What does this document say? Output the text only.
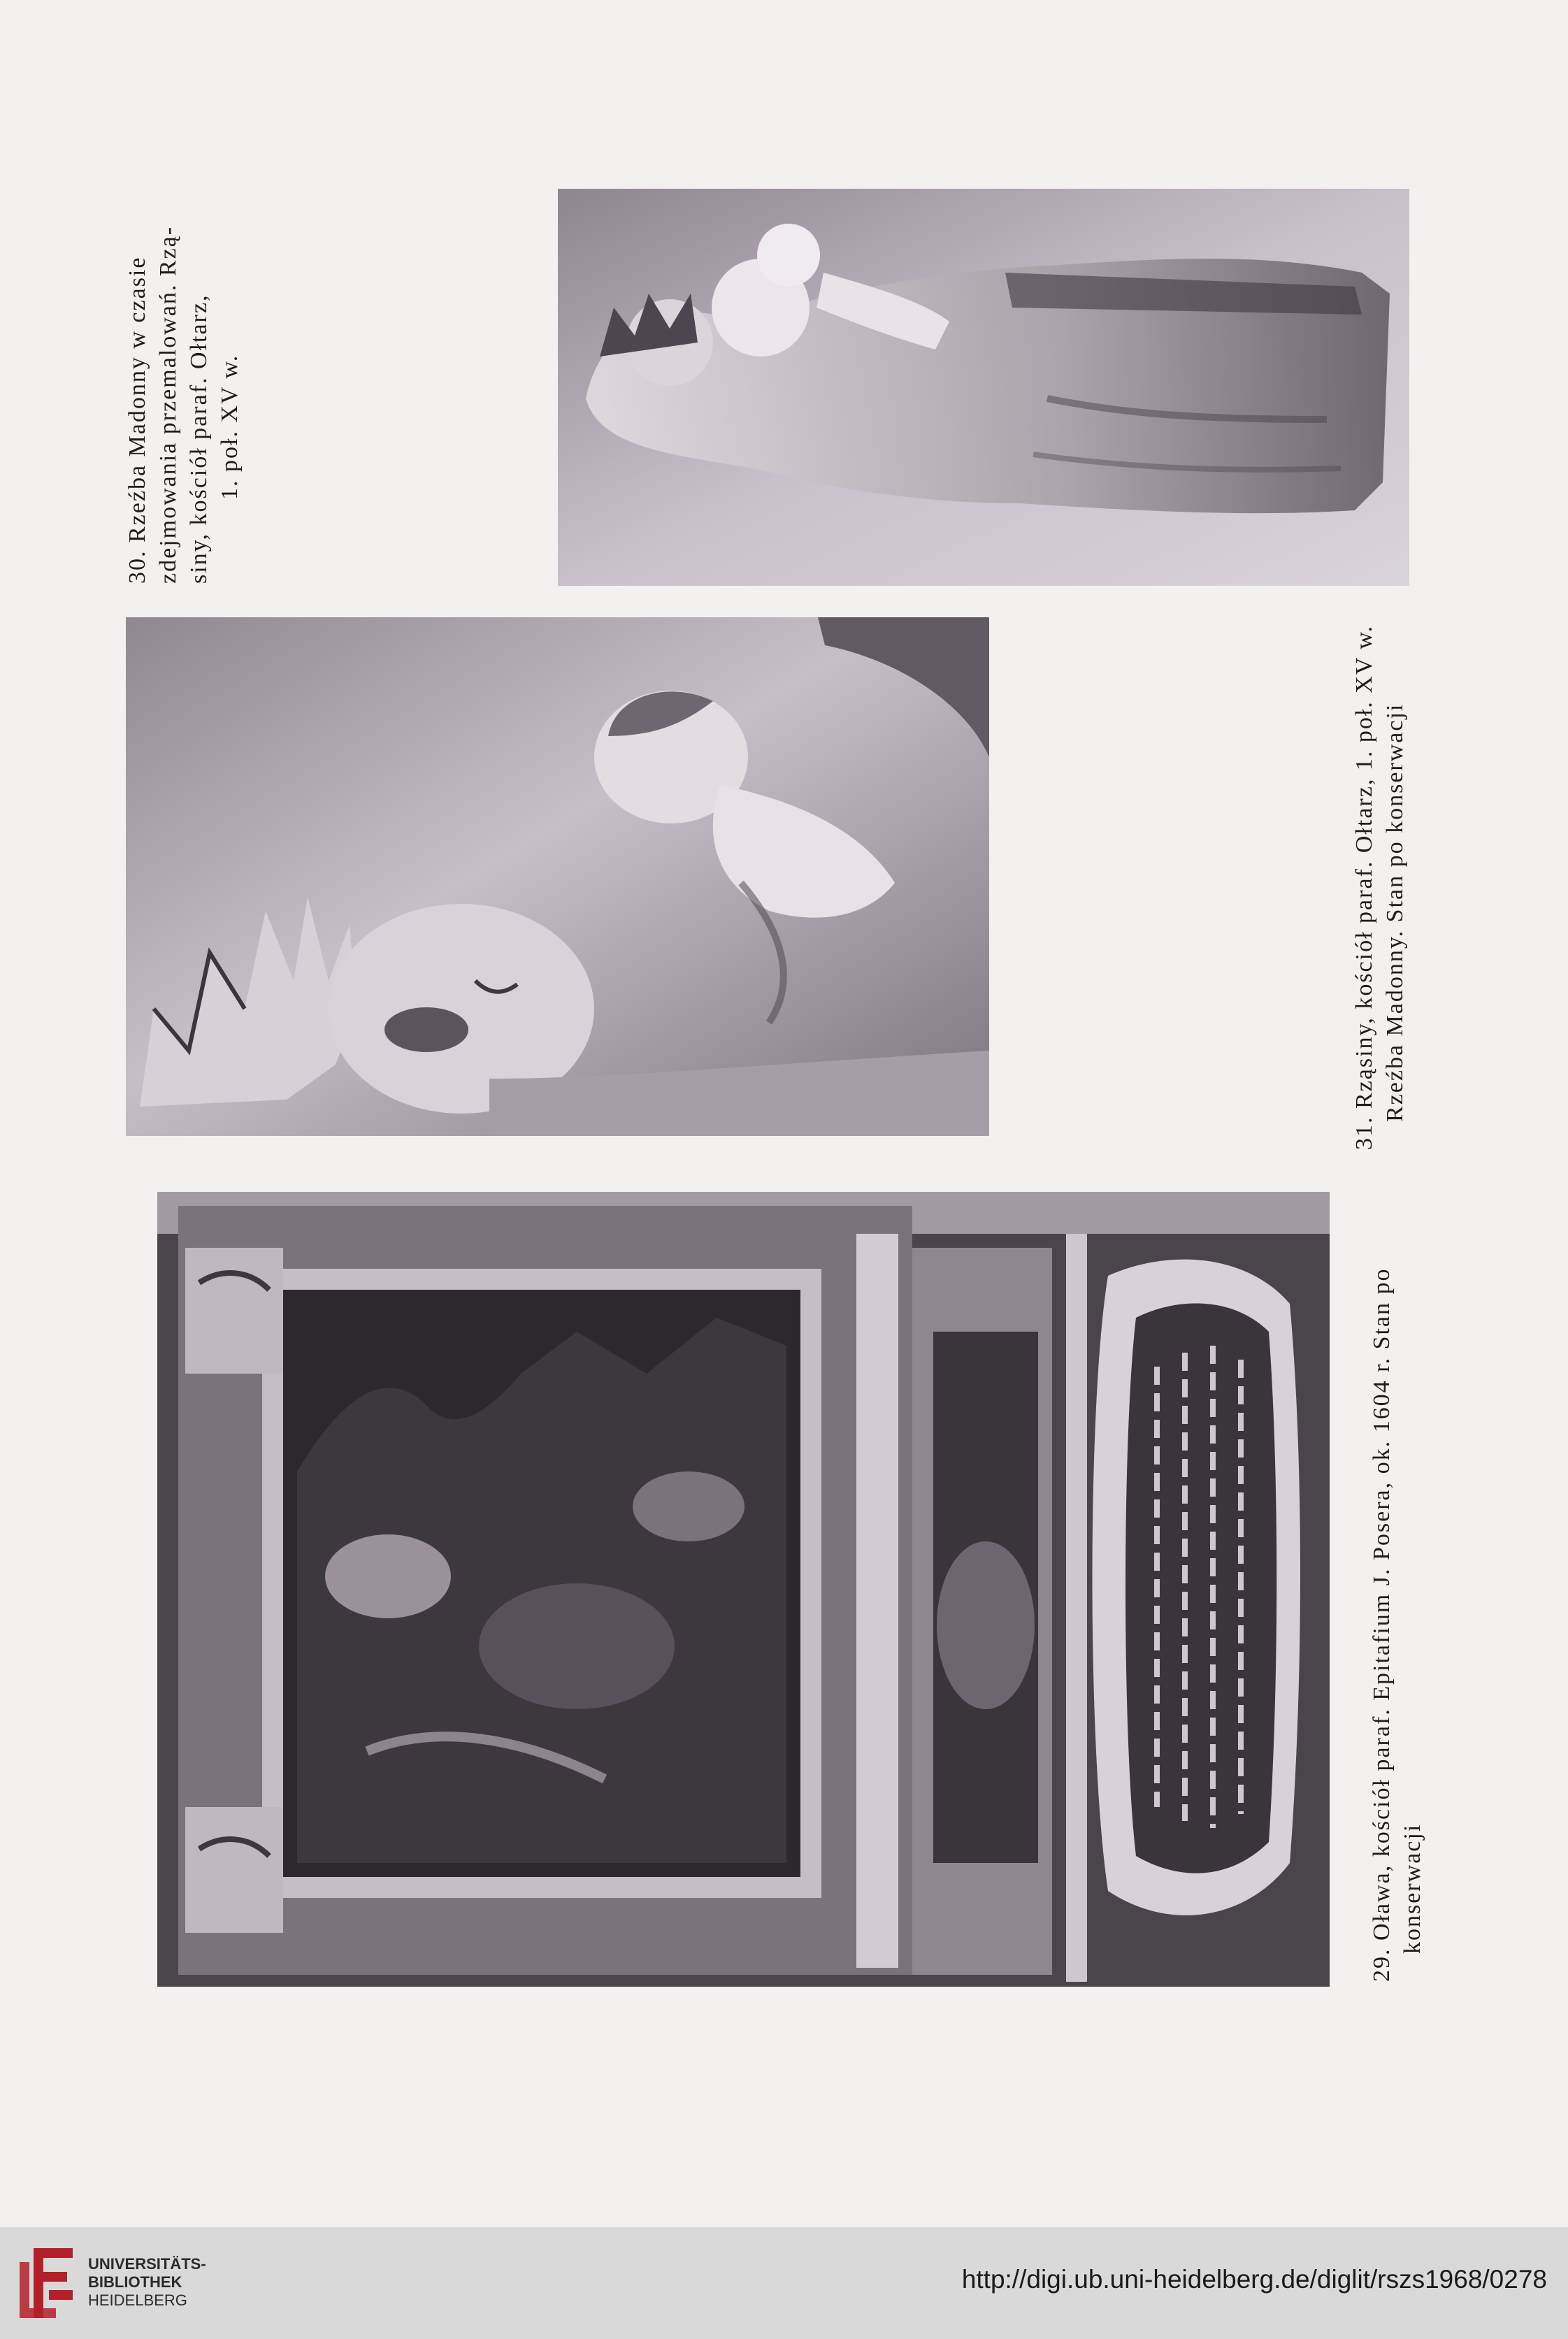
30. Rzeźba Madonny w czasie zdejmowania przemalowań. Rzą- siny, kościół paraf. Ołtarz, 1. poł. XV w.
31. Rząsiny, kościół paraf. Ołtarz, 1. poł. XV w. Rzeźba Madonny. Stan po konserwacji
29. Oława, kościół paraf. Epitafium J. Posera, ok. 1604 r. Stan po konserwacji
UNIVERSITÄTS-
BIBLIOTHEK
HEIDELBERG
http://digi.ub.uni-heidelberg.de/diglit/rszs1968/0278
